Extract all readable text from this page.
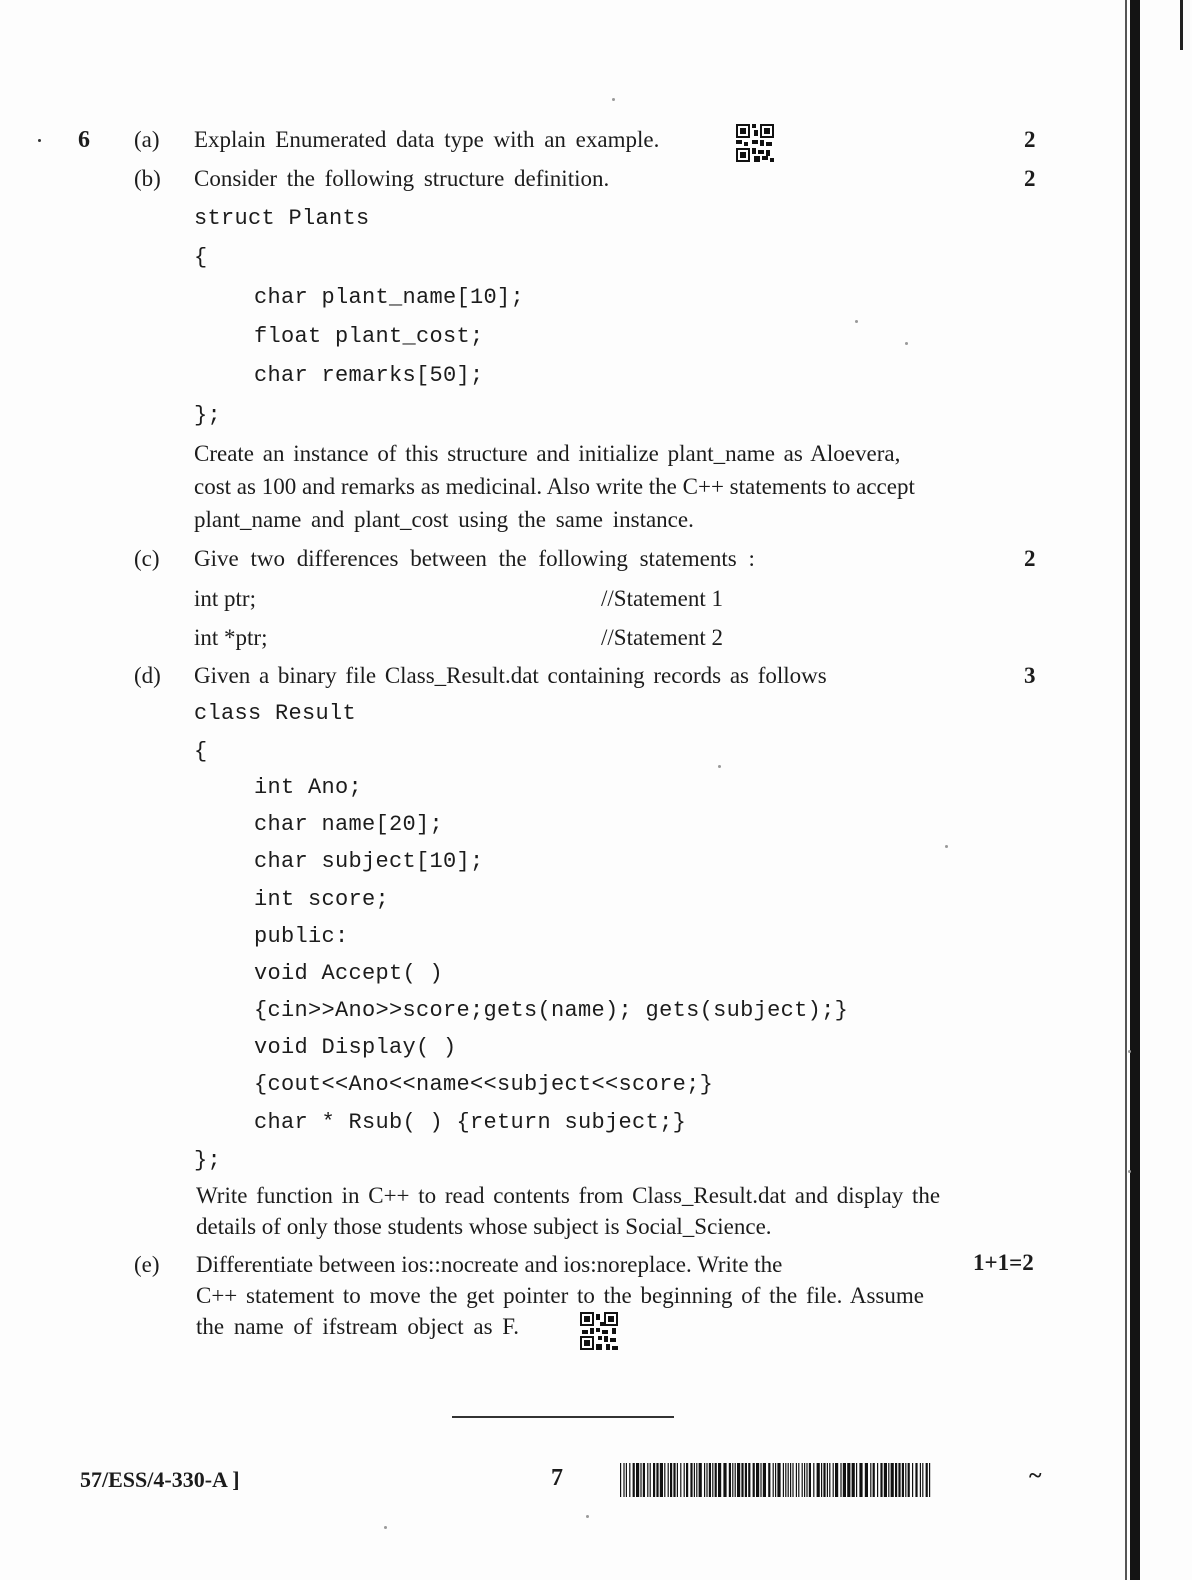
6 (a) Explain Enumerated data type with an example.	2
(b) Consider the following structure definition.	2
struct Plants
{
char plant_name[10];
float plant_cost;
char remarks[50];
};
Create an instance of this structure and initialize plant_name as Aloevera,
cost as 100 and remarks as medicinal. Also write the C++ statements to accept
plant_name and plant_cost using the same instance.
(c) Give two differences between the following statements :	2
int ptr;	//Statement 1
int *ptr;	//Statement 2
(d) Given a binary file Class_Result.dat containing records as follows	3
class Result
{
int Ano;
char name[20];
char subject[10];
int score;
public:
void Accept( )
{cin>>Ano>>score;gets(name); gets(subject);}
void Display( )
{cout<<Ano<<name<<subject<<score;}
char * Rsub( ) {return subject;}
};
Write function in C++ to read contents from Class_Result.dat and display the
details of only those students whose subject is Social_Science.
(e) Differentiate between ios::nocreate and ios:noreplace. Write the	1+1=2
C++ statement to move the get pointer to the beginning of the file. Assume
the name of ifstream object as F.
57/ESS/4-330-A ]	7	~
